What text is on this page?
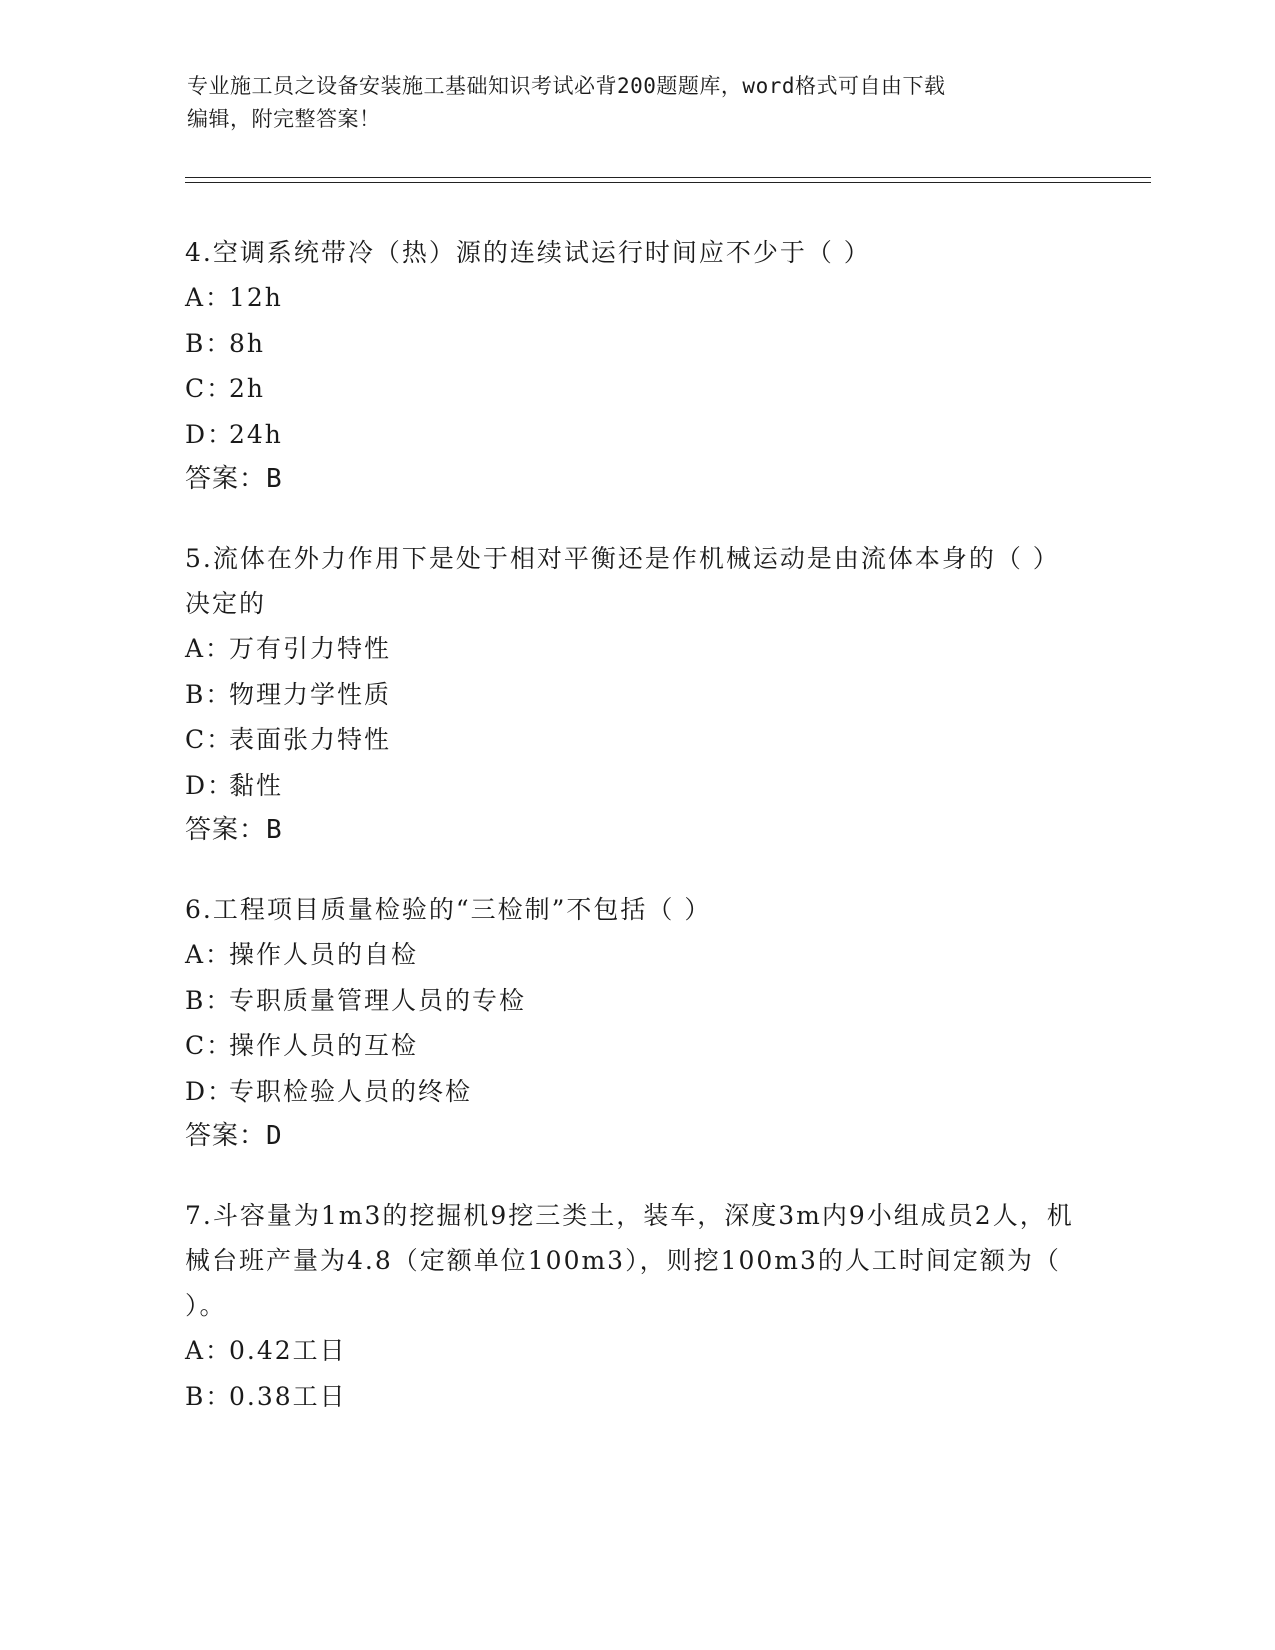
专业施工员之设备安装施工基础知识考试必背200题题库，word格式可自由下载
编辑，附完整答案！
4.空调系统带冷（热）源的连续试运行时间应不少于（ ）
A：12h
B：8h
C：2h
D：24h
答案：B
5.流体在外力作用下是处于相对平衡还是作机械运动是由流体本身的（ ）决定的
A：万有引力特性
B：物理力学性质
C：表面张力特性
D：黏性
答案：B
6.工程项目质量检验的“三检制”不包括（ ）
A：操作人员的自检
B：专职质量管理人员的专检
C：操作人员的互检
D：专职检验人员的终检
答案：D
7.斗容量为1m3的挖掘机9挖三类土，装车，深度3m内9小组成员2人，机械台班产量为4.8（定额单位100m3），则挖100m3的人工时间定额为（ ）。
A：0.42工日
B：0.38工日
